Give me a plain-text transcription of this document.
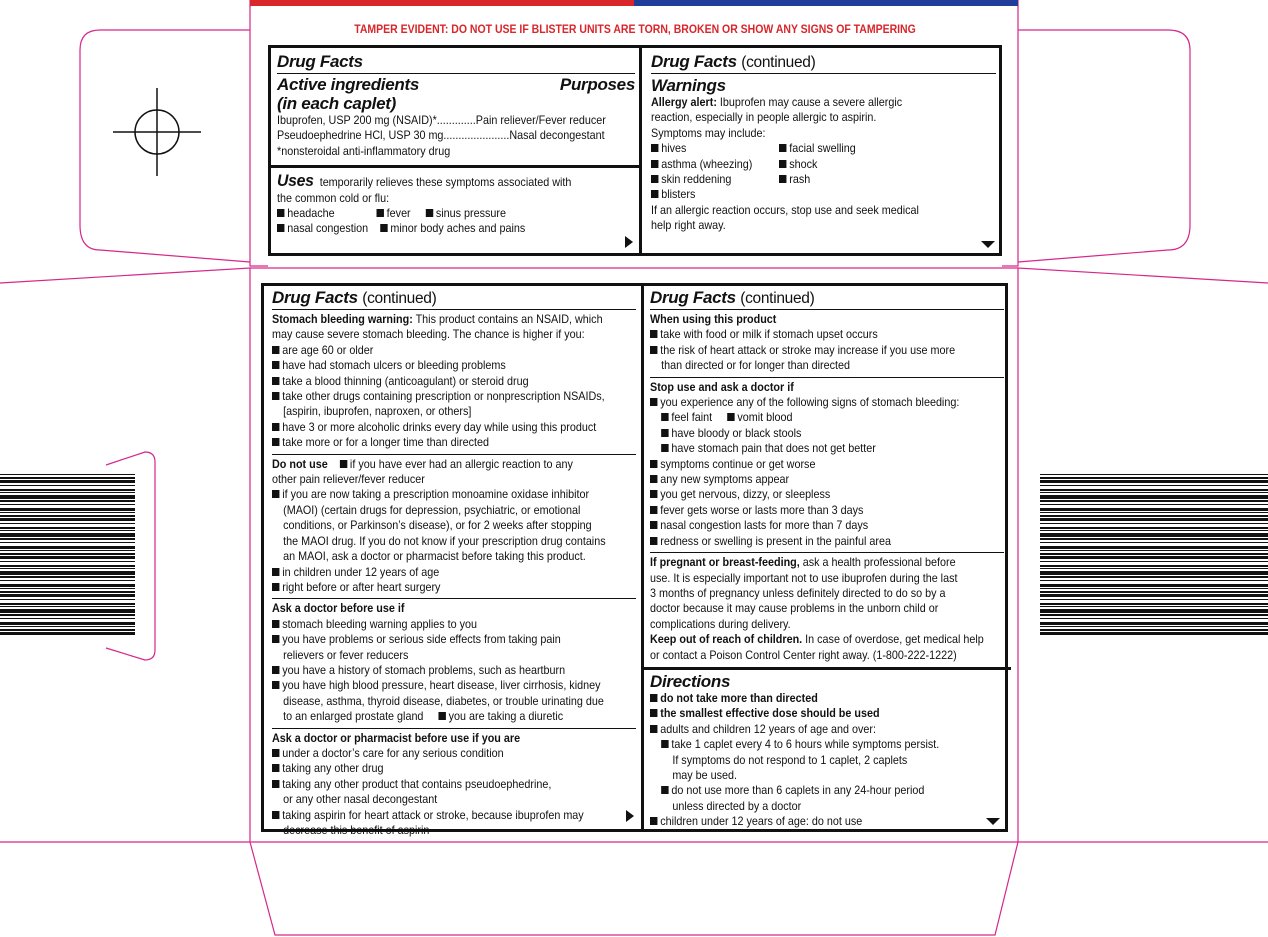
TAMPER EVIDENT: DO NOT USE IF BLISTER UNITS ARE TORN, BROKEN OR SHOW ANY SIGNS OF TAMPERING
Drug Facts
Active ingredients	Purposes
(in each caplet)
Ibuprofen, USP 200 mg (NSAID)*.............Pain reliever/Fever reducer
Pseudoephedrine HCl, USP 30 mg......................Nasal decongestant
*nonsteroidal anti-inflammatory drug
Uses temporarily relieves these symptoms associated with
the common cold or flu:
headache	fever sinus pressure
nasal congestion minor body aches and pains
Drug Facts (continued)
Warnings
Allergy alert: Ibuprofen may cause a severe allergic
reaction, especially in people allergic to aspirin.
Symptoms may include:
hives
asthma (wheezing)
skin reddening
blisters
facial swelling
shock
rash
If an allergic reaction occurs, stop use and seek medical
help right away.
Drug Facts (continued)
Stomach bleeding warning: This product contains an NSAID, which
may cause severe stomach bleeding. The chance is higher if you:
are age 60 or older
have had stomach ulcers or bleeding problems
take a blood thinning (anticoagulant) or steroid drug
take other drugs containing prescription or nonprescription NSAIDs,
[aspirin, ibuprofen, naproxen, or others]
have 3 or more alcoholic drinks every day while using this product
take more or for a longer time than directed
Do not use if you have ever had an allergic reaction to any
other pain reliever/fever reducer
if you are now taking a prescription monoamine oxidase inhibitor
(MAOI) (certain drugs for depression, psychiatric, or emotional
conditions, or Parkinson’s disease), or for 2 weeks after stopping
the MAOI drug. If you do not know if your prescription drug contains
an MAOI, ask a doctor or pharmacist before taking this product.
in children under 12 years of age
right before or after heart surgery
Ask a doctor before use if
stomach bleeding warning applies to you
you have problems or serious side effects from taking pain
relievers or fever reducers
you have a history of stomach problems, such as heartburn
you have high blood pressure, heart disease, liver cirrhosis, kidney
disease, asthma, thyroid disease, diabetes, or trouble urinating due
to an enlarged prostate gland you are taking a diuretic
Ask a doctor or pharmacist before use if you are
under a doctor’s care for any serious condition
taking any other drug
taking any other product that contains pseudoephedrine,
or any other nasal decongestant
taking aspirin for heart attack or stroke, because ibuprofen may
decrease this benefit of aspirin
Drug Facts (continued)
When using this product
take with food or milk if stomach upset occurs
the risk of heart attack or stroke may increase if you use more
than directed or for longer than directed
Stop use and ask a doctor if
you experience any of the following signs of stomach bleeding:
feel faint vomit blood
have bloody or black stools
have stomach pain that does not get better
symptoms continue or get worse
any new symptoms appear
you get nervous, dizzy, or sleepless
fever gets worse or lasts more than 3 days
nasal congestion lasts for more than 7 days
redness or swelling is present in the painful area
If pregnant or breast-feeding, ask a health professional before
use. It is especially important not to use ibuprofen during the last
3 months of pregnancy unless definitely directed to do so by a
doctor because it may cause problems in the unborn child or
complications during delivery.
Keep out of reach of children. In case of overdose, get medical help
or contact a Poison Control Center right away. (1-800-222-1222)
Directions
do not take more than directed
the smallest effective dose should be used
adults and children 12 years of age and over:
take 1 caplet every 4 to 6 hours while symptoms persist.
If symptoms do not respond to 1 caplet, 2 caplets
may be used.
do not use more than 6 caplets in any 24-hour period
unless directed by a doctor
children under 12 years of age: do not use
